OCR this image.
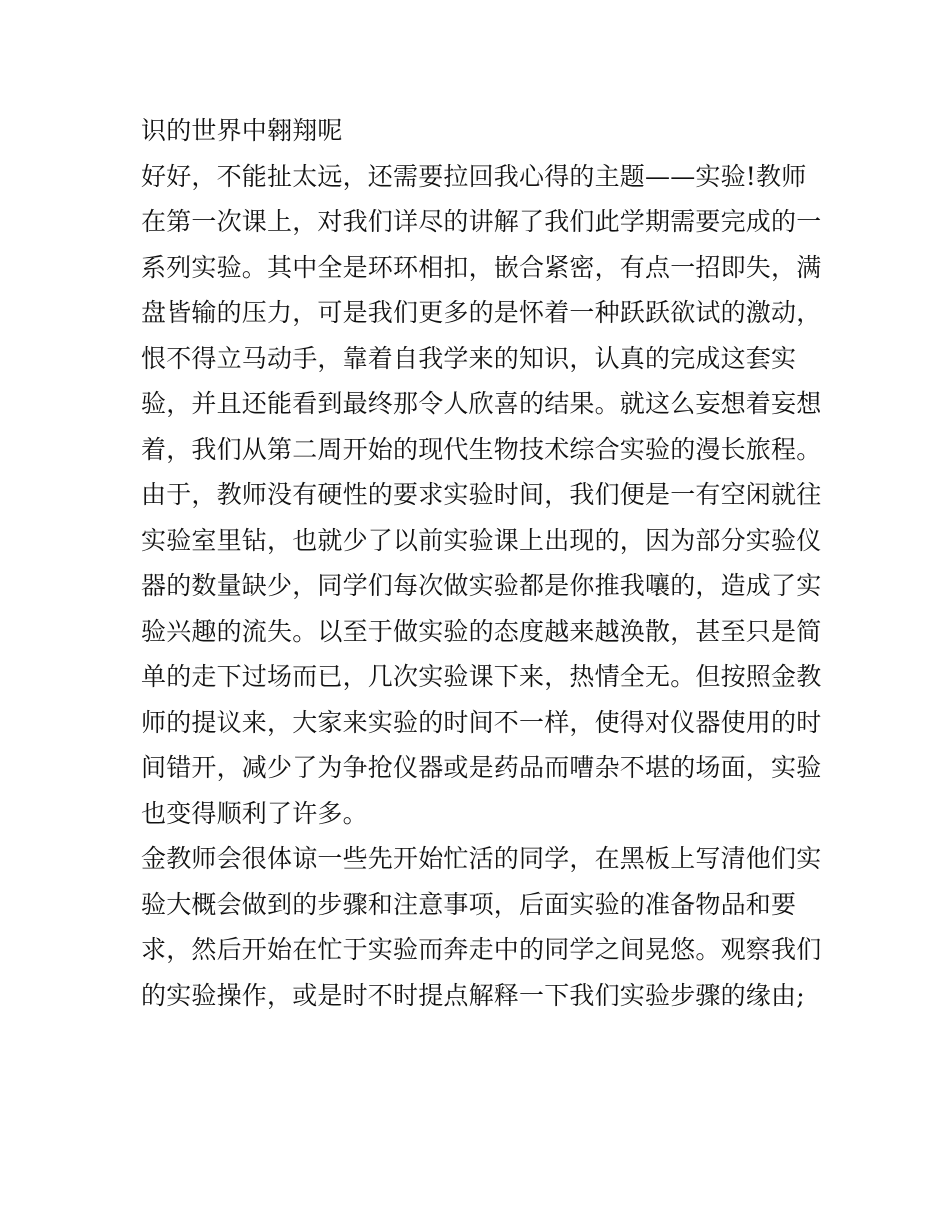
识的世界中翱翔呢
好好，不能扯太远，还需要拉回我心得的主题——实验!教师
在第一次课上，对我们详尽的讲解了我们此学期需要完成的一
系列实验。其中全是环环相扣，嵌合紧密，有点一招即失，满
盘皆输的压力，可是我们更多的是怀着一种跃跃欲试的激动，
恨不得立马动手，靠着自我学来的知识，认真的完成这套实
验，并且还能看到最终那令人欣喜的结果。就这么妄想着妄想
着，我们从第二周开始的现代生物技术综合实验的漫长旅程。
由于，教师没有硬性的要求实验时间，我们便是一有空闲就往
实验室里钻，也就少了以前实验课上出现的，因为部分实验仪
器的数量缺少，同学们每次做实验都是你推我嚷的，造成了实
验兴趣的流失。以至于做实验的态度越来越涣散，甚至只是简
单的走下过场而已，几次实验课下来，热情全无。但按照金教
师的提议来，大家来实验的时间不一样，使得对仪器使用的时
间错开，减少了为争抢仪器或是药品而嘈杂不堪的场面，实验
也变得顺利了许多。
金教师会很体谅一些先开始忙活的同学，在黑板上写清他们实
验大概会做到的步骤和注意事项，后面实验的准备物品和要
求，然后开始在忙于实验而奔走中的同学之间晃悠。观察我们
的实验操作，或是时不时提点解释一下我们实验步骤的缘由;
